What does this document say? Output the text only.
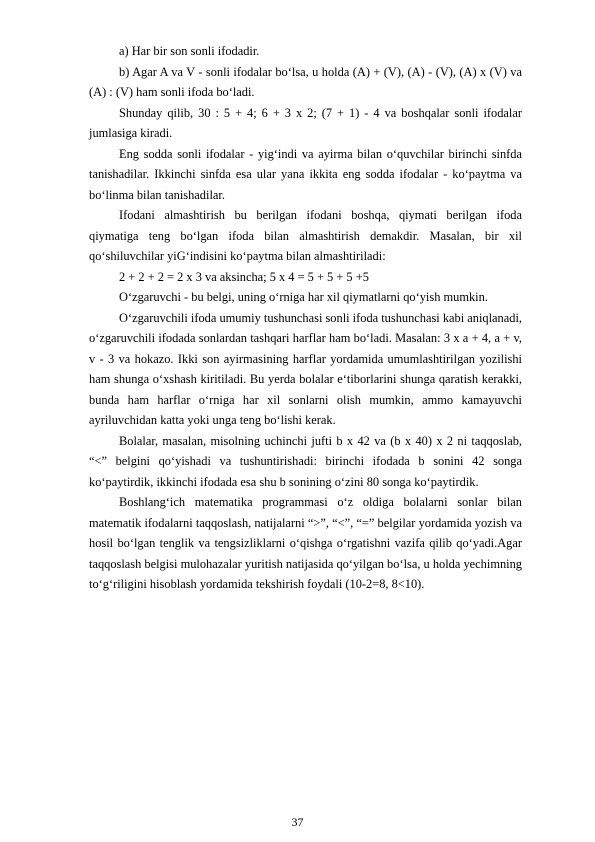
a) Har bir son sonli ifodadir.

b) Agar A va V - sonli ifodalar bo‘lsa, u holda (A) + (V), (A) - (V), (A) x (V) va (A) : (V) ham sonli ifoda bo‘ladi.

Shunday qilib, 30 : 5 + 4; 6 + 3 x 2; (7 + 1) - 4 va boshqalar sonli ifodalar jumlasiga kiradi.

Eng sodda sonli ifodalar - yig‘indi va ayirma bilan o‘quvchilar birinchi sinfda tanishadilar. Ikkinchi sinfda esa ular yana ikkita eng sodda ifodalar - ko‘paytma va bo‘linma bilan tanishadilar.

Ifodani almashtirish bu berilgan ifodani boshqa, qiymati berilgan ifoda qiymatiga teng bo‘lgan ifoda bilan almashtirish demakdir. Masalan, bir xil qo‘shiluvchilar yiG‘indisini ko‘paytma bilan almashtiriladi:

2 + 2 + 2 = 2 x 3 va aksincha; 5 x 4 = 5 + 5 + 5 +5

O‘zgaruvchi - bu belgi, uning o‘rniga har xil qiymatlarni qo‘yish mumkin.

O‘zgaruvchili ifoda umumiy tushunchasi sonli ifoda tushunchasi kabi aniqlanadi, o‘zgaruvchili ifodada sonlardan tashqari harflar ham bo‘ladi. Masalan: 3 x a + 4, a + v, v - 3 va hokazo. Ikki son ayirmasining harflar yordamida umumlashtirilgan yozilishi ham shunga o‘xshash kiritiladi. Bu yerda bolalar e‘tiborlarini shunga qaratish kerakki, bunda ham harflar o‘rniga har xil sonlarni olish mumkin, ammo kamayuvchi ayriluvchidan katta yoki unga teng bo‘lishi kerak.

Bolalar, masalan, misolning uchinchi jufti b x 42 va (b x 40) x 2 ni taqqoslab, “<” belgini qo‘yishadi va tushuntirishadi: birinchi ifodada b sonini 42 songa ko‘paytirdik, ikkinchi ifodada esa shu b sonining o‘zini 80 songa ko‘paytirdik.

Boshlang‘ich matematika programmasi o‘z oldiga bolalarni sonlar bilan matematik ifodalarni taqqoslash, natijalarni “>”, “<”, “=” belgilar yordamida yozish va hosil bo‘lgan tenglik va tengsizliklarni o‘qishga o‘rgatishni vazifa qilib qo‘yadi.Agar taqqoslash belgisi mulohazalar yuritish natijasida qo‘yilgan bo‘lsa, u holda yechimning to‘g‘riligini hisoblash yordamida tekshirish foydali (10-2=8, 8<10).

37
